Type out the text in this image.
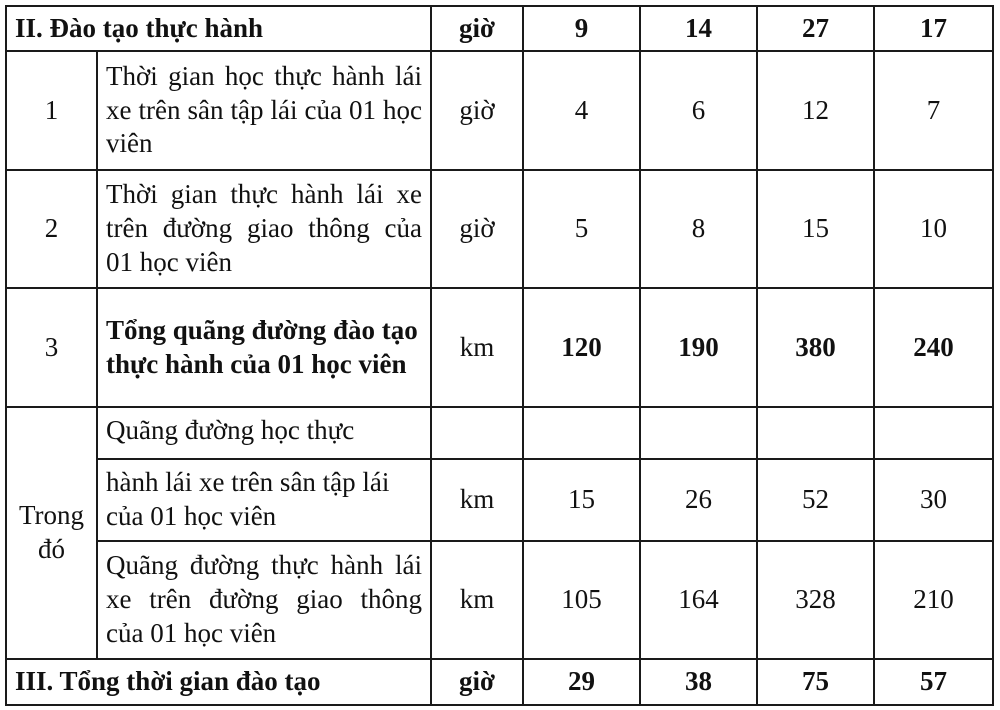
II. Đào tạo thực hành		giờ	9	14	27	17
1	Thời gian học thực hành lái xe trên sân tập lái của 01 học viên	giờ	4	6	12	7
2	Thời gian thực hành lái xe trên đường giao thông của 01 học viên	giờ	5	8	15	10
3	Tổng quãng đường đào tạo thực hành của 01 học viên	km	120	190	380	240
Trong đó	Quãng đường học thực					
	hành lái xe trên sân tập lái của 01 học viên	km	15	26	52	30
	Quãng đường thực hành lái xe trên đường giao thông của 01 học viên	km	105	164	328	210
III. Tổng thời gian đào tạo		giờ	29	38	75	57
